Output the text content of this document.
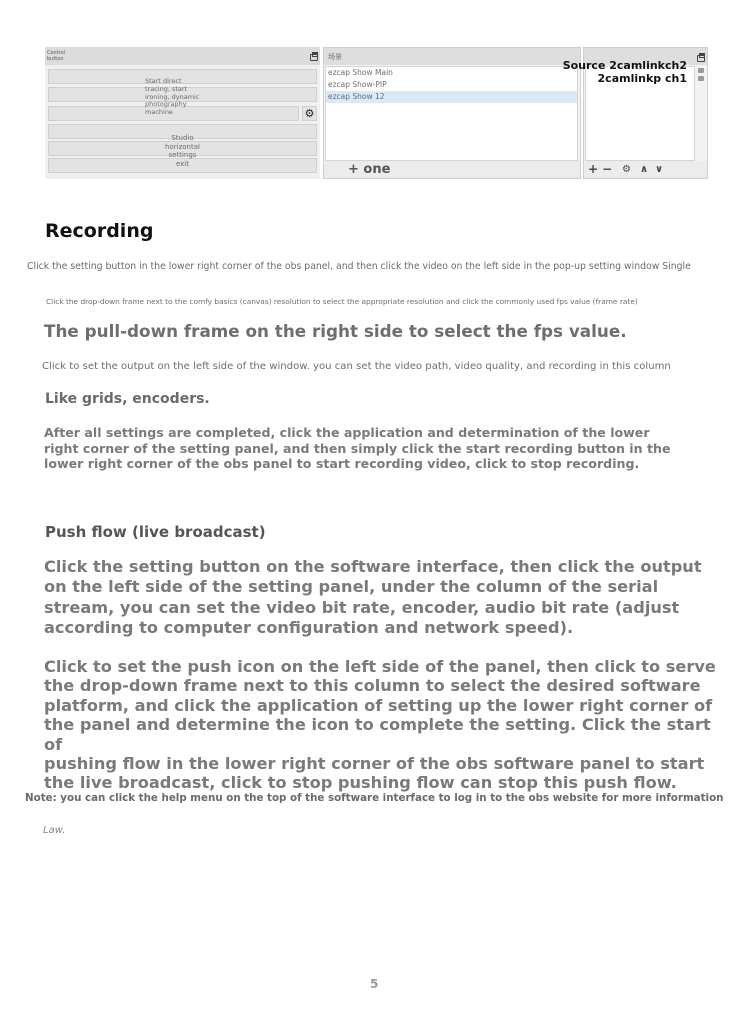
Control
button
⚙
Start direct
tracing, start
ironing, dynamic
photography
machine
Studio
horizontal
settings
exit
场景
ezcap Show Main
ezcap Show-PIP
ezcap Show 12
+ one
Source 2camlinkch2
2camlinkp ch1
+ − ⚙ ∧ ∨
Recording
Click the setting button in the lower right corner of the obs panel, and then click the video on the left side in the pop-up setting window Single
Click the drop-down frame next to the comfy basics (canvas) resolution to select the appropriate resolution and click the commonly used fps value (frame rate)
The pull-down frame on the right side to select the fps value.
Click to set the output on the left side of the window. you can set the video path, video quality, and recording in this column
Like grids, encoders.
After all settings are completed, click the application and determination of the lower
right corner of the setting panel, and then simply click the start recording button in the
lower right corner of the obs panel to start recording video, click to stop recording.
Push flow (live broadcast)
Click the setting button on the software interface, then click the output
on the left side of the setting panel, under the column of the serial
stream, you can set the video bit rate, encoder, audio bit rate (adjust
according to computer configuration and network speed).
Click to set the push icon on the left side of the panel, then click to serve
the drop-down frame next to this column to select the desired software
platform, and click the application of setting up the lower right corner of
the panel and determine the icon to complete the setting. Click the start of
pushing flow in the lower right corner of the obs software panel to start
the live broadcast, click to stop pushing flow can stop this push flow.
Note: you can click the help menu on the top of the software interface to log in to the obs website for more information
Law.
5
